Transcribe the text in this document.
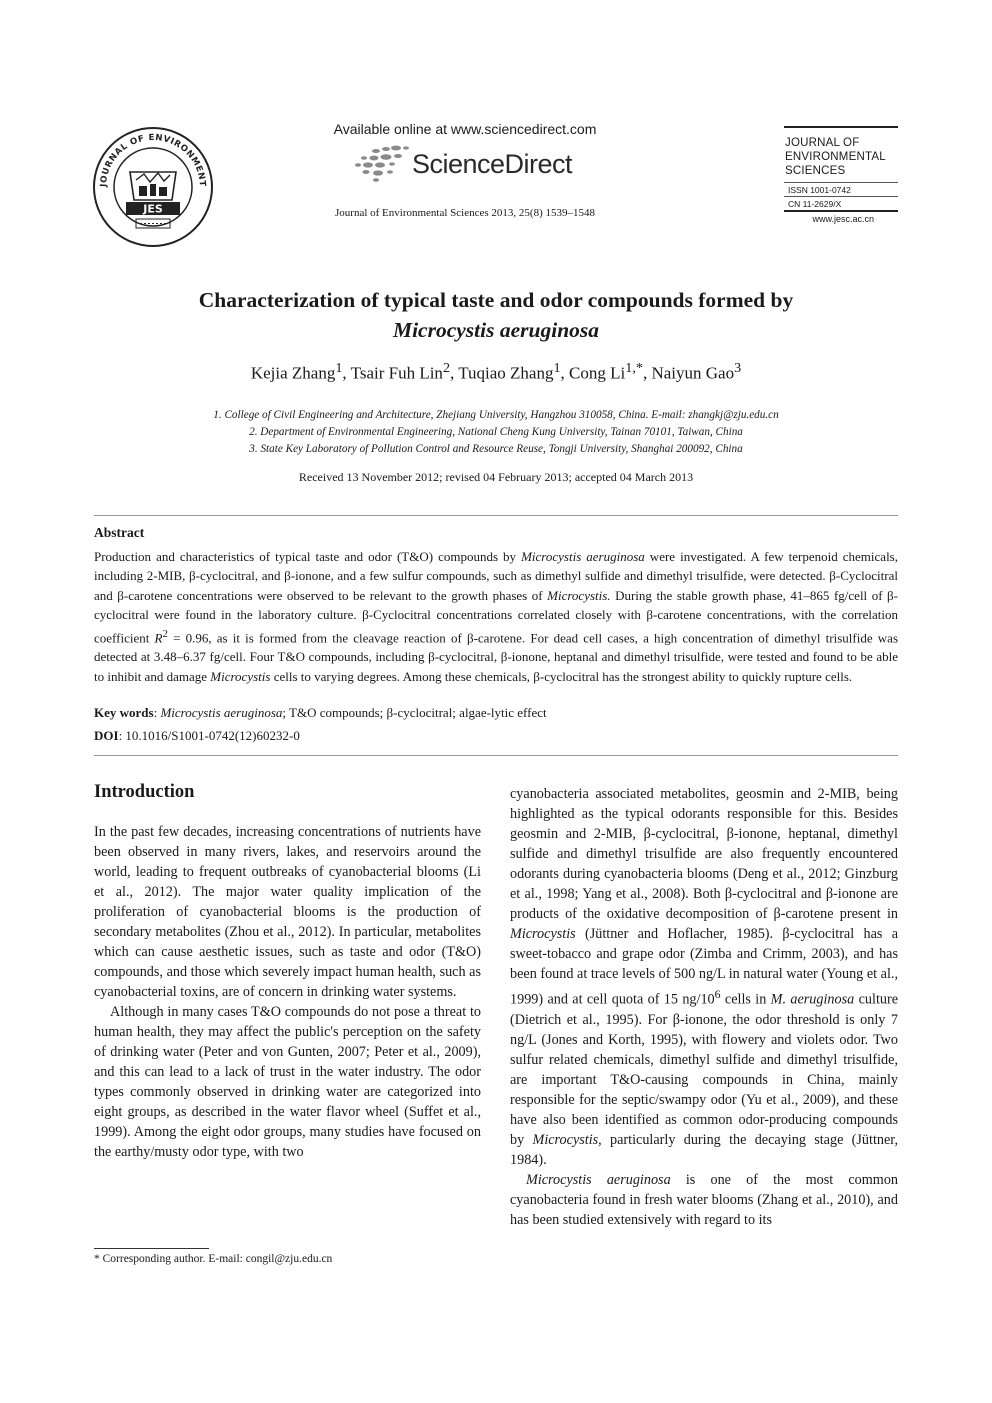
JOURNAL OF ENVIRONMENT
JES
Available online at www.sciencedirect.com
ScienceDirect
Journal of Environmental Sciences 2013, 25(8) 1539–1548
JOURNAL OF
ENVIRONMENTAL
SCIENCES
ISSN 1001-0742
CN 11-2629/X
www.jesc.ac.cn
Characterization of typical taste and odor compounds formed by
Microcystis aeruginosa
Kejia Zhang$^1$, Tsair Fuh Lin$^2$, Tuqiao Zhang$^1$, Cong $Li^{1,*}$, Naiyun Gao$^3$
1. College of Civil Engineering and Architecture, Zhejiang University, Hangzhou 310058, China. E-mail: zhangkj@zju.edu.cn
2. Department of Environmental Engineering, National Cheng Kung University, Tainan 70101, Taiwan, China
3. State Key Laboratory of Pollution Control and Resource Reuse, Tongji University, Shanghai 200092, China
Received 13 November 2012; revised 04 February 2013; accepted 04 March 2013
Abstract
Production and characteristics of typical taste and odor (T&O) compounds by Microcystis aeruginosa were investigated. A few terpenoid chemicals, including 2-MIB, β-cyclocitral, and β-ionone, and a few sulfur compounds, such as dimethyl sulfide and dimethyl trisulfide, were detected. β-Cyclocitral and β-carotene concentrations were observed to be relevant to the growth phases of Microcystis. During the stable growth phase, 41–865 fg/cell of β-cyclocitral were found in the laboratory culture. β-Cyclocitral concentrations correlated closely with β-carotene concentrations, with the correlation coefficient $R^2 = 0.96$, as it is formed from the cleavage reaction of β-carotene. For dead cell cases, a high concentration of dimethyl trisulfide was detected at 3.48–6.37 fg/cell. Four T&O compounds, including β-cyclocitral, β-ionone, heptanal and dimethyl trisulfide, were tested and found to be able to inhibit and damage Microcystis cells to varying degrees. Among these chemicals, β-cyclocitral has the strongest ability to quickly rupture cells.
Key words: Microcystis aeruginosa; T&O compounds; β-cyclocitral; algae-lytic effect
DOI: 10.1016/S1001-0742(12)60232-0
Introduction

In the past few decades, increasing concentrations of nutrients have been observed in many rivers, lakes, and reservoirs around the world, leading to frequent outbreaks of cyanobacterial blooms (Li et al., 2012). The major water quality implication of the proliferation of cyanobacterial blooms is the production of secondary metabolites (Zhou et al., 2012). In particular, metabolites which can cause aesthetic issues, such as taste and odor (T&O) compounds, and those which severely impact human health, such as cyanobacterial toxins, are of concern in drinking water systems.

Although in many cases T&O compounds do not pose a threat to human health, they may affect the public's perception on the safety of drinking water (Peter and von Gunten, 2007; Peter et al., 2009), and this can lead to a lack of trust in the water industry. The odor types commonly observed in drinking water are categorized into eight groups, as described in the water flavor wheel (Suffet et al., 1999). Among the eight odor groups, many studies have focused on the earthy/musty odor type, with two

cyanobacteria associated metabolites, geosmin and 2-MIB, being highlighted as the typical odorants responsible for this. Besides geosmin and 2-MIB, β-cyclocitral, β-ionone, heptanal, dimethyl sulfide and dimethyl trisulfide are also frequently encountered odorants during cyanobacteria blooms (Deng et al., 2012; Ginzburg et al., 1998; Yang et al., 2008). Both β-cyclocitral and β-ionone are products of the oxidative decomposition of β-carotene present in Microcystis (Jüttner and Hoflacher, 1985). β-cyclocitral has a sweet-tobacco and grape odor (Zimba and Crimm, 2003), and has been found at trace levels of 500 ng/L in natural water (Young et al., 1999) and at cell quota of 15 $ng/10^6$ cells in M. aeruginosa culture (Dietrich et al., 1995). For β-ionone, the odor threshold is only 7 ng/L (Jones and Korth, 1995), with flowery and violets odor. Two sulfur related chemicals, dimethyl sulfide and dimethyl trisulfide, are important T&O-causing compounds in China, mainly responsible for the septic/swampy odor (Yu et al., 2009), and these have also been identified as common odor-producing compounds by Microcystis, particularly during the decaying stage (Jüttner, 1984).

Microcystis aeruginosa is one of the most common cyanobacteria found in fresh water blooms (Zhang et al., 2010), and has been studied extensively with regard to its

* Corresponding author. E-mail: congil@zju.edu.cn
